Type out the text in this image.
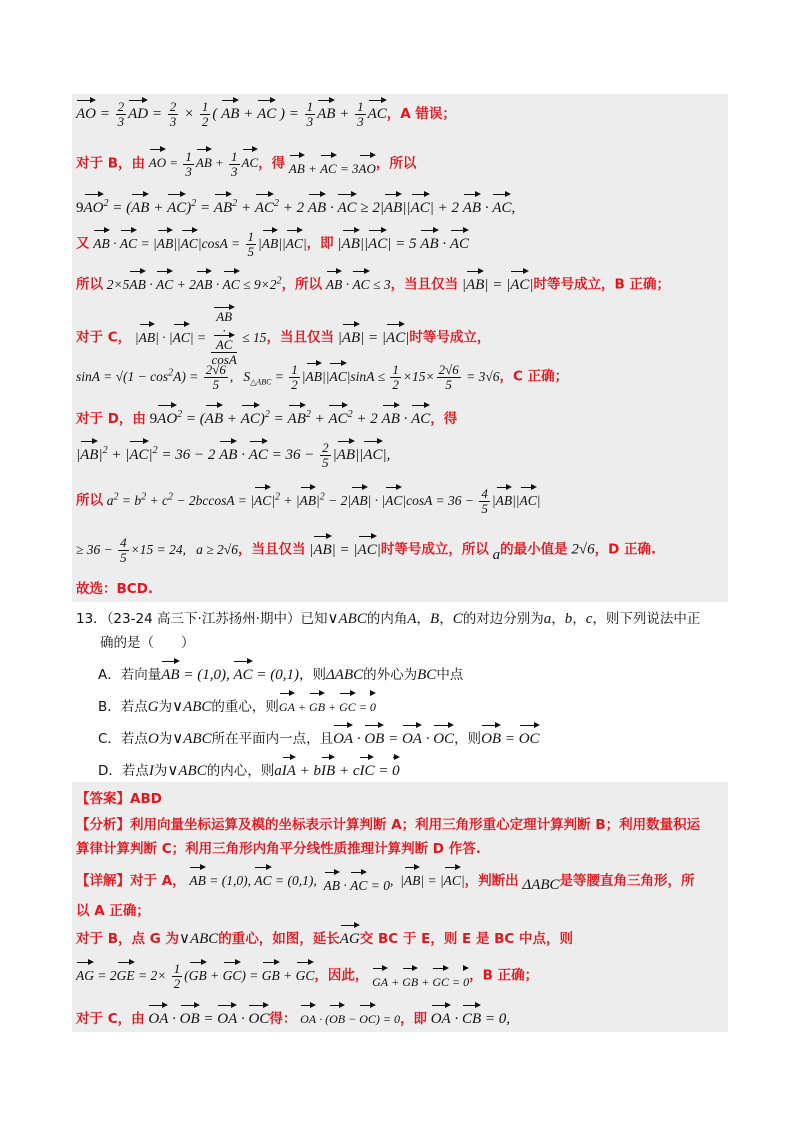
AO = $\frac{2}{3}$ AD = $\frac{2}{3} \times \frac{1}{2}$ ( AB + AC ) = $\frac{1}{3}$ AB + $\frac{1}{3}$ AC，A 错误；
对于 B，由 AO = $\frac{1}{3}$ AB + $\frac{1}{3}$ AC，得 AB + AC = 3AO，所以
$9AO^2 = (AB + AC)^2 = AB^2 + AC^2 + 2$ AB · AC ≥ 2|AB||AC| + 2 AB · AC,
又 AB · AC = $|AB||AC|\cos A = \frac{1}{5} |AB||AC|$，即 |AB||AC| = 5 AB · AC
所以 2×5AB · AC + 2AB · AC ≤ $9\times 2^2$，所以 AB · AC ≤ 3，当且仅当 |AB| = |AC|时等号成立，B 正确；
对于 C， |AB| · |AC| = AB
·
AC
cosA ≤ 15，当且仅当 |AB| = |AC|时等号成立，
$\sin A = √(1 - \cos^2A) = \frac{2√6}{5}$ ,   $S_{\triangle ABC} = \frac{1}{2} |AB||AC|\sin A \le \frac{1}{2} \times 15\times \frac{2√6}{5} = 3√6$，C 正确；
对于 D，由 $9AO^2 = (AB + AC)^2 = AB^2 + AC^2 + 2$ AB · AC，得
$|AB|^2 + |AC|^2 = 36 - 2$ AB · AC = $36 - \frac{2}{5} |AB||AC|$,
所以 $a^2 = b^2 + c^2 - 2bccosA = |AC|^2 + |AB|^2 - 2|AB| \cdot |AC|\cos A = 36 - \frac{4}{5} |AB||AC|$
≥ $36 - \frac{4}{5} \times 15 = 24$,   a ≥ 2√6，当且仅当 |AB| = |AC|时等号成立，所以 a的最小值是 2√6，D 正确.
故选：BCD.
13．（23-24 高三下·江苏扬州·期中）已知∨ABC的内角A，B，C的对边分别为a，b，c，则下列说法中正
确的是（　　）
A．若向量AB = (1,0), AC = (0,1)，则ΔABC的外心为BC中点
B．若点G为∨ABC的重心，则GA + GB + GC = 0
C．若点O为∨ABC所在平面内一点，且OA · OB = OA · OC，则OB = OC
D．若点I为∨ABC的内心，则aIA + bIB + cIC = 0
【答案】ABD
【分析】利用向量坐标运算及模的坐标表示计算判断 A；利用三角形重心定理计算判断 B；利用数量积运
算律计算判断 C；利用三角形内角平分线性质推理计算判断 D 作答.
【详解】对于 A， AB = (1,0), AC = (0,1),  AB · AC = 0,  |AB| = |AC|，判断出 ΔABC是等腰直角三角形，所
以 A 正确；
对于 B，点 G 为∨ABC的重心，如图，延长AG交 BC 于 E，则 E 是 BC 中点，则
AG = $2GE = 2\times \frac{1}{2} (GB + GC)$ = GB + GC，因此， $_{GA + GB + GC = 0}$，B 正确；
对于 C，由 OA · OB = OA · OC得： OA · (OB − OC) = 0，即 OA · CB = 0,
